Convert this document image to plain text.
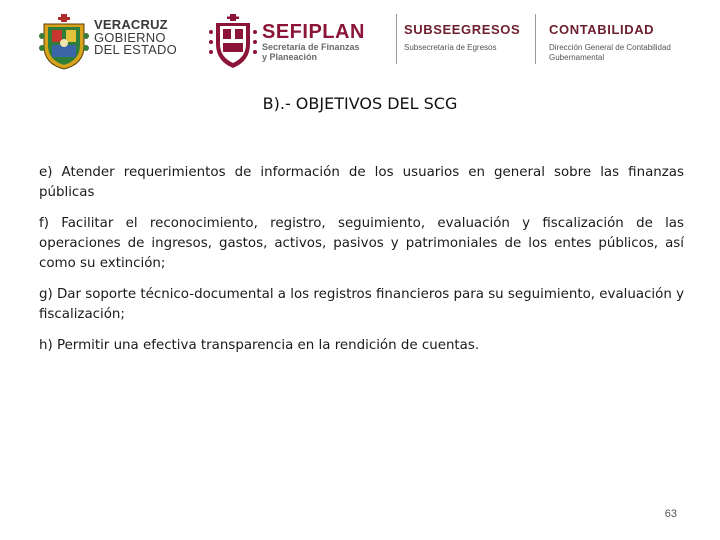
VERACRUZ
GOBIERNO
DEL ESTADO
SEFIPLAN
Secretaría de Finanzas
y Planeación
SUBSEEGRESOS
Subsecretaría de Egresos
CONTABILIDAD
Dirección General de Contabilidad Gubernamental
B).- OBJETIVOS DEL SCG

e) Atender requerimientos de información de los usuarios en general sobre las finanzas públicas

f) Facilitar el reconocimiento, registro, seguimiento, evaluación y fiscalización de las operaciones de ingresos, gastos, activos, pasivos y patrimoniales de los entes públicos, así como su extinción;

g) Dar soporte técnico-documental a los registros financieros para su seguimiento, evaluación y fiscalización;

h) Permitir una efectiva transparencia en la rendición de cuentas.

63
